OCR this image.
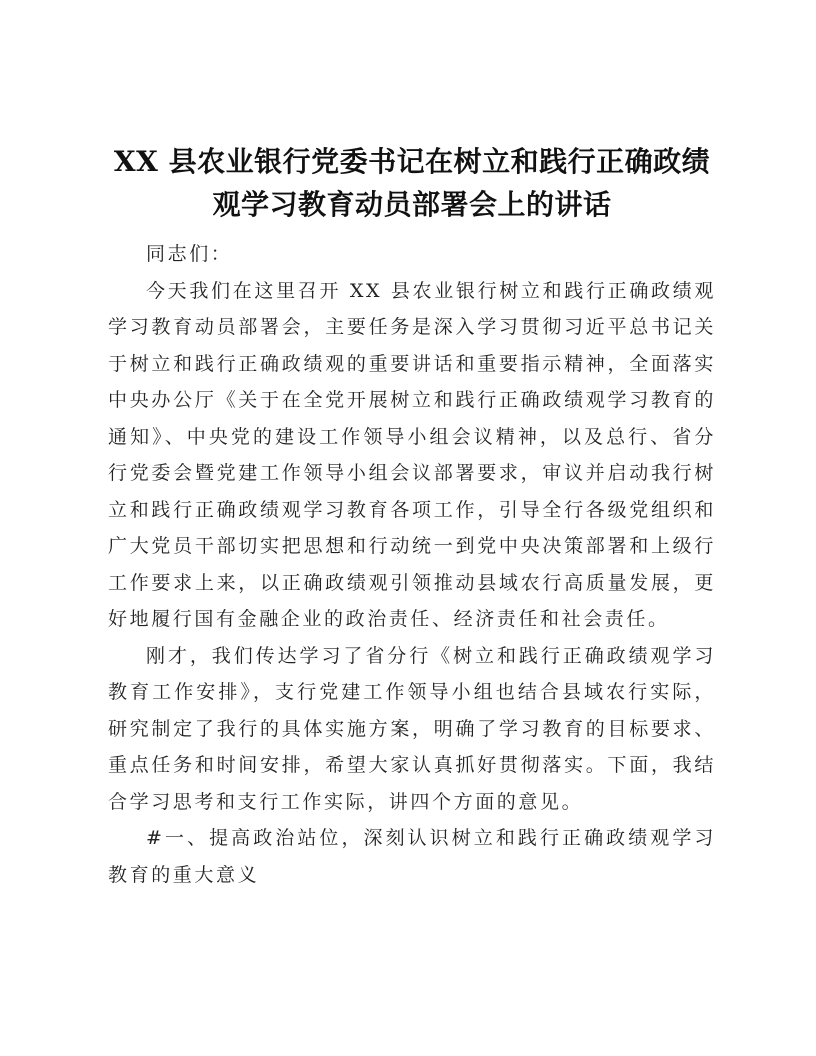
XX 县农业银行党委书记在树立和践行正确政绩
观学习教育动员部署会上的讲话

同志们：

今天我们在这里召开 XX 县农业银行树立和践行正确政绩观学习教育动员部署会，主要任务是深入学习贯彻习近平总书记关于树立和践行正确政绩观的重要讲话和重要指示精神，全面落实中央办公厅《关于在全党开展树立和践行正确政绩观学习教育的通知》、中央党的建设工作领导小组会议精神，以及总行、省分行党委会暨党建工作领导小组会议部署要求，审议并启动我行树立和践行正确政绩观学习教育各项工作，引导全行各级党组织和广大党员干部切实把思想和行动统一到党中央决策部署和上级行工作要求上来，以正确政绩观引领推动县域农行高质量发展，更好地履行国有金融企业的政治责任、经济责任和社会责任。

刚才，我们传达学习了省分行《树立和践行正确政绩观学习教育工作安排》，支行党建工作领导小组也结合县域农行实际，研究制定了我行的具体实施方案，明确了学习教育的目标要求、重点任务和时间安排，希望大家认真抓好贯彻落实。下面，我结合学习思考和支行工作实际，讲四个方面的意见。

#一、提高政治站位，深刻认识树立和践行正确政绩观学习教育的重大意义
